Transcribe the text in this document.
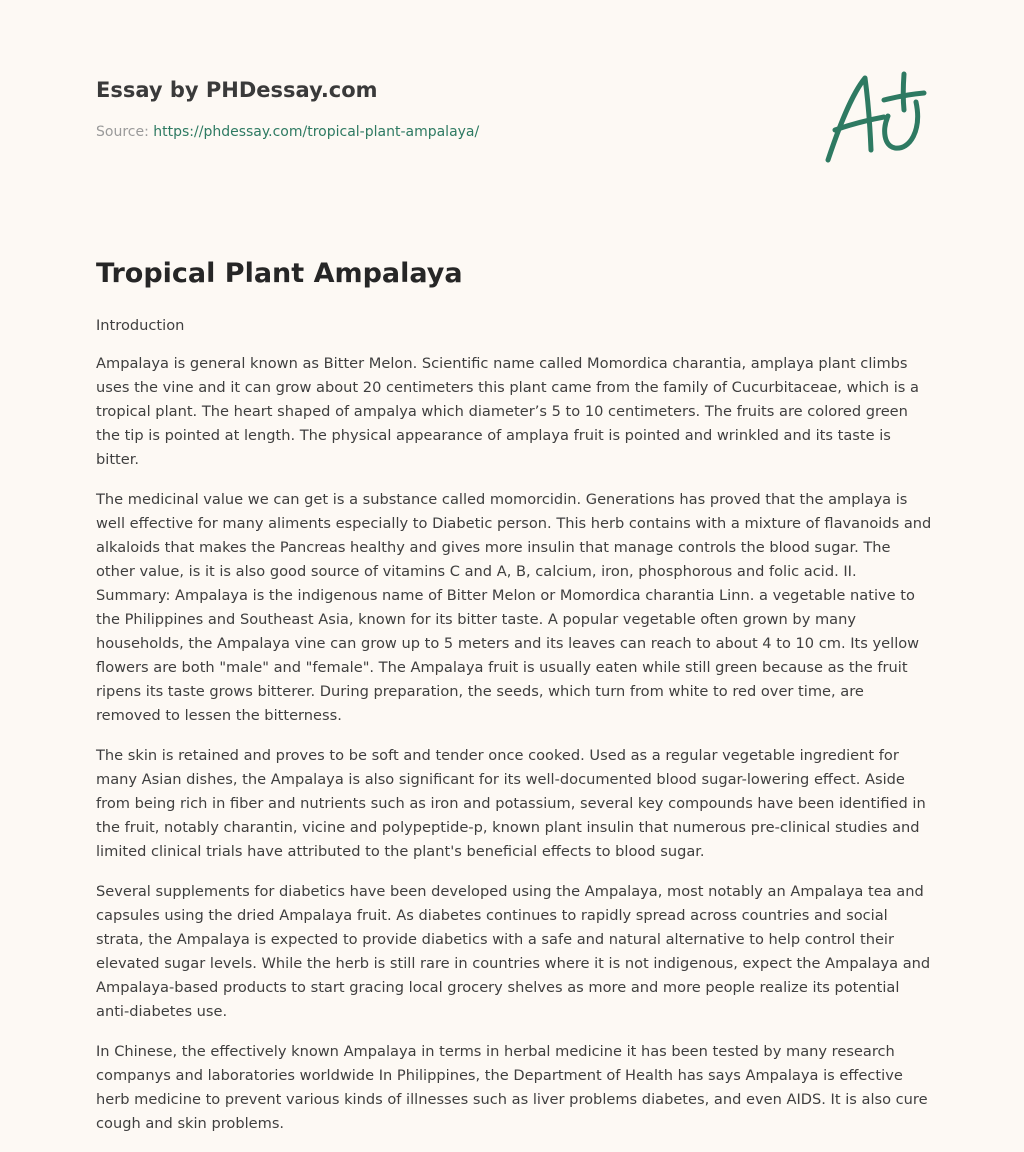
Essay by PHDessay.com
Source: https://phdessay.com/tropical-plant-ampalaya/
Tropical Plant Ampalaya

Introduction

Ampalaya is general known as Bitter Melon. Scientific name called Momordica charantia, amplaya plant climbs uses the vine and it can grow about 20 centimeters this plant came from the family of Cucurbitaceae, which is a tropical plant. The heart shaped of ampalya which diameter’s 5 to 10 centimeters. The fruits are colored green the tip is pointed at length. The physical appearance of amplaya fruit is pointed and wrinkled and its taste is bitter.

The medicinal value we can get is a substance called momorcidin. Generations has proved that the amplaya is well effective for many aliments especially to Diabetic person. This herb contains with a mixture of flavanoids and alkaloids that makes the Pancreas healthy and gives more insulin that manage controls the blood sugar. The other value, is it is also good source of vitamins C and A, B, calcium, iron, phosphorous and folic acid. II. Summary: Ampalaya is the indigenous name of Bitter Melon or Momordica charantia Linn. a vegetable native to the Philippines and Southeast Asia, known for its bitter taste. A popular vegetable often grown by many households, the Ampalaya vine can grow up to 5 meters and its leaves can reach to about 4 to 10 cm. Its yellow flowers are both "male" and "female". The Ampalaya fruit is usually eaten while still green because as the fruit ripens its taste grows bitterer. During preparation, the seeds, which turn from white to red over time, are removed to lessen the bitterness.

The skin is retained and proves to be soft and tender once cooked. Used as a regular vegetable ingredient for many Asian dishes, the Ampalaya is also significant for its well-documented blood sugar-lowering effect. Aside from being rich in fiber and nutrients such as iron and potassium, several key compounds have been identified in the fruit, notably charantin, vicine and polypeptide-p, known plant insulin that numerous pre-clinical studies and limited clinical trials have attributed to the plant's beneficial effects to blood sugar.

Several supplements for diabetics have been developed using the Ampalaya, most notably an Ampalaya tea and capsules using the dried Ampalaya fruit. As diabetes continues to rapidly spread across countries and social strata, the Ampalaya is expected to provide diabetics with a safe and natural alternative to help control their elevated sugar levels. While the herb is still rare in countries where it is not indigenous, expect the Ampalaya and Ampalaya-based products to start gracing local grocery shelves as more and more people realize its potential anti-diabetes use.

In Chinese, the effectively known Ampalaya in terms in herbal medicine it has been tested by many research companys and laboratories worldwide In Philippines, the Department of Health has says Ampalaya is effective herb medicine to prevent various kinds of illnesses such as liver problems diabetes, and even AIDS. It is also cure cough and skin problems.
